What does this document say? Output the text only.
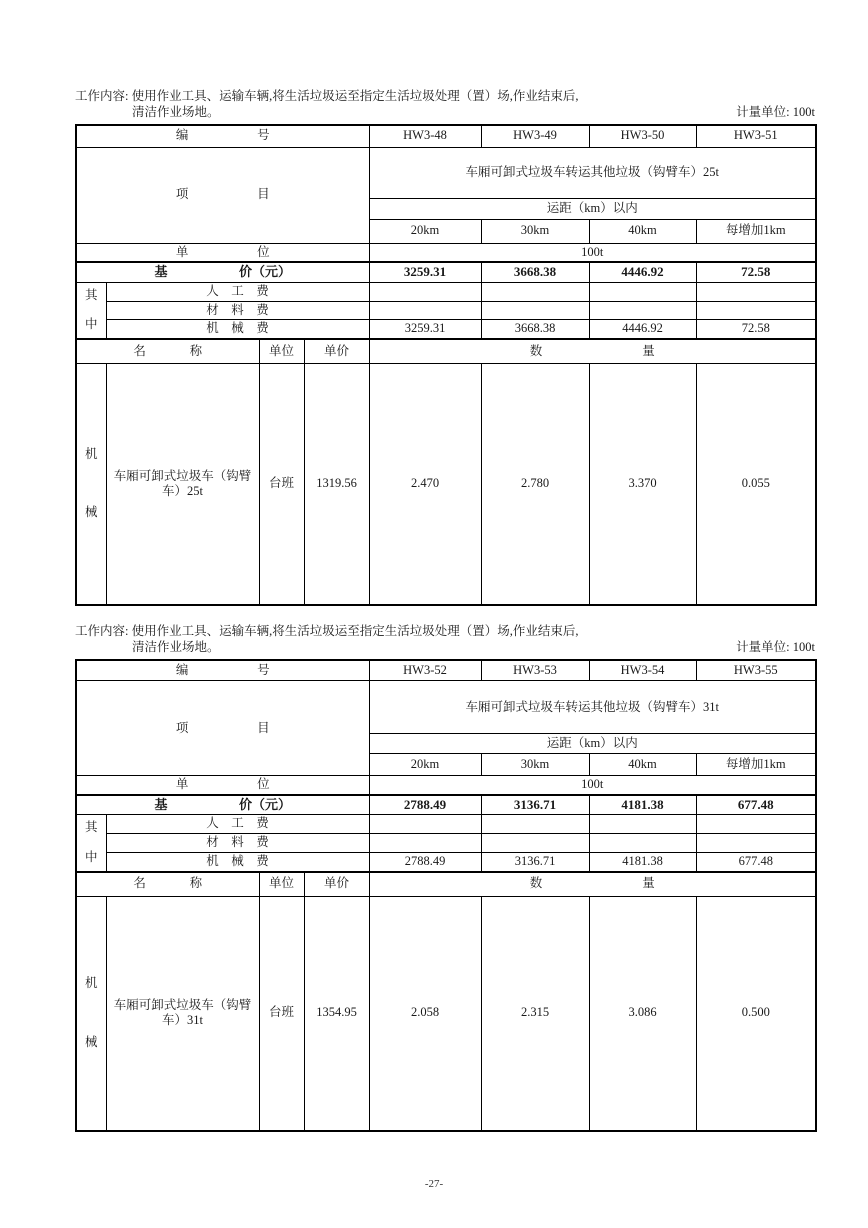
工作内容: 使用作业工具、运输车辆,将生活垃圾运至指定生活垃圾处理（置）场,作业结束后,
清洁作业场地。	计量单位: 100t
编 号				HW3-48	HW3-49	HW3-50	HW3-51

项 目				车厢可卸式垃圾车转运其他垃圾（钩臂车）25t			
				运距（km）以内			
				20km	30km	40km	每增加1km

单 位				100t			

基 价（元）				3259.31	3668.38	4446.92	72.58

其
中	人　工　费						
	材　料　费						
	机　械　费			3259.31	3668.38	4446.92	72.58

名 称		单位	单价	数 量			

机
械	车厢可卸式垃圾车（钩臂车）25t	台班	1319.56	2.470	2.780	3.370	0.055
工作内容: 使用作业工具、运输车辆,将生活垃圾运至指定生活垃圾处理（置）场,作业结束后,
清洁作业场地。	计量单位: 100t
编 号				HW3-52	HW3-53	HW3-54	HW3-55

项 目				车厢可卸式垃圾车转运其他垃圾（钩臂车）31t			
				运距（km）以内			
				20km	30km	40km	每增加1km

单 位				100t			

基 价（元）				2788.49	3136.71	4181.38	677.48

其
中	人　工　费						
	材　料　费						
	机　械　费			2788.49	3136.71	4181.38	677.48

名 称		单位	单价	数 量			

机
械	车厢可卸式垃圾车（钩臂车）31t	台班	1354.95	2.058	2.315	3.086	0.500
-27-
